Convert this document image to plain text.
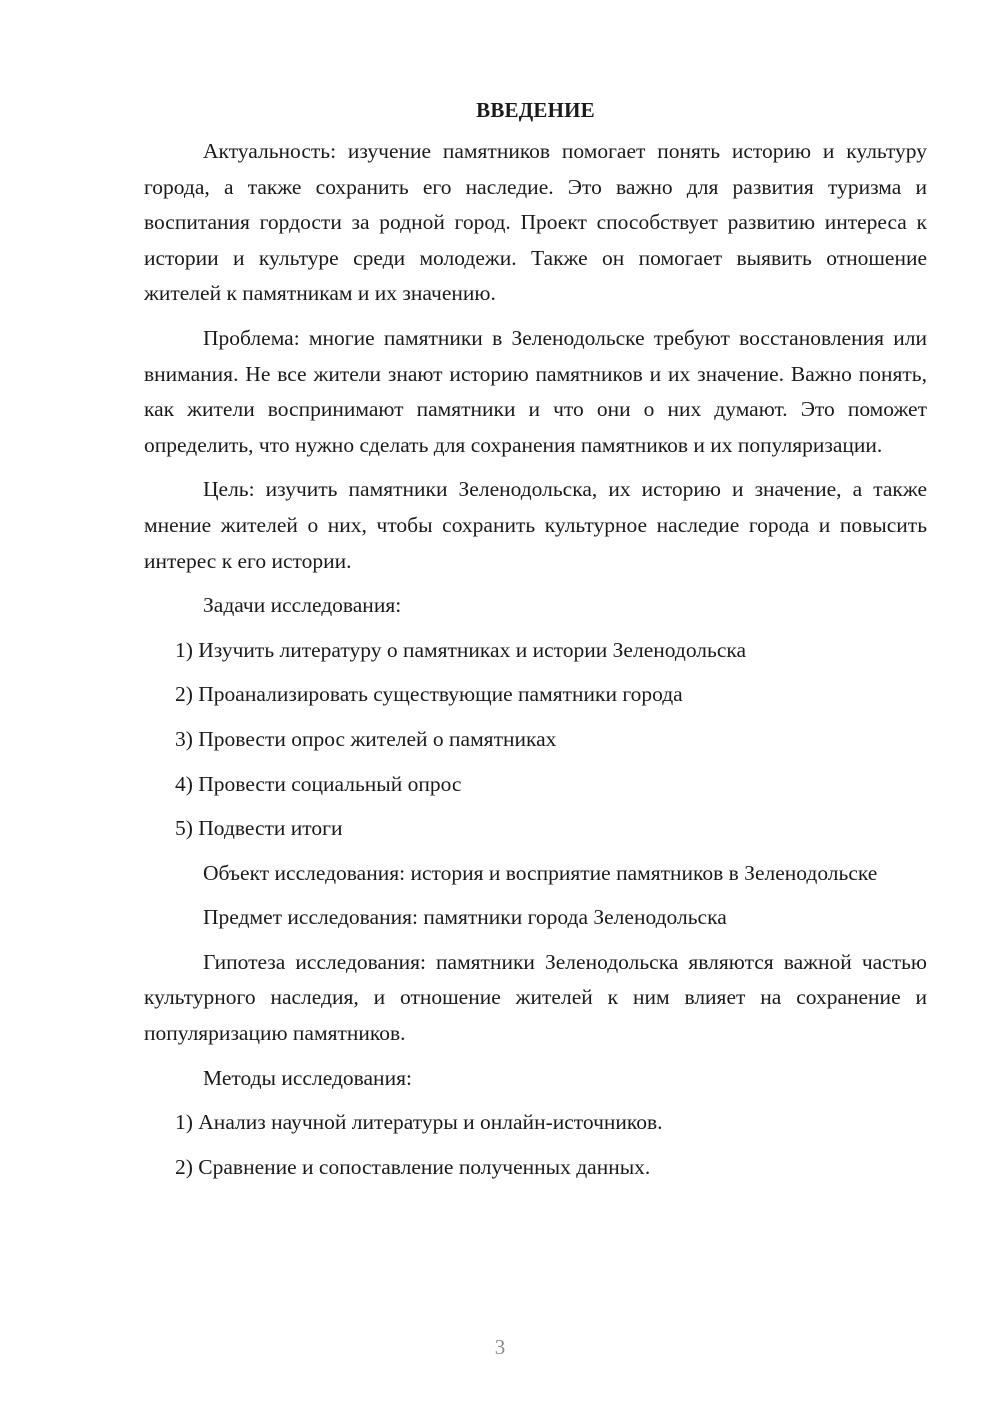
ВВЕДЕНИЕ

Актуальность: изучение памятников помогает понять историю и культуру города, а также сохранить его наследие. Это важно для развития туризма и воспитания гордости за родной город. Проект способствует развитию интереса к истории и культуре среди молодежи. Также он помогает выявить отношение жителей к памятникам и их значению.

Проблема: многие памятники в Зеленодольске требуют восстановления или внимания. Не все жители знают историю памятников и их значение. Важно понять, как жители воспринимают памятники и что они о них думают. Это поможет определить, что нужно сделать для сохранения памятников и их популяризации.

Цель: изучить памятники Зеленодольска, их историю и значение, а также мнение жителей о них, чтобы сохранить культурное наследие города и повысить интерес к его истории.

Задачи исследования:

1) Изучить литературу о памятниках и истории Зеленодольска
2) Проанализировать существующие памятники города
3) Провести опрос жителей о памятниках
4) Провести социальный опрос
5) Подвести итоги

Объект исследования: история и восприятие памятников в Зеленодольске

Предмет исследования: памятники города Зеленодольска

Гипотеза исследования: памятники Зеленодольска являются важной частью культурного наследия, и отношение жителей к ним влияет на сохранение и популяризацию памятников.

Методы исследования:

1) Анализ научной литературы и онлайн-источников.
2) Сравнение и сопоставление полученных данных.
3
